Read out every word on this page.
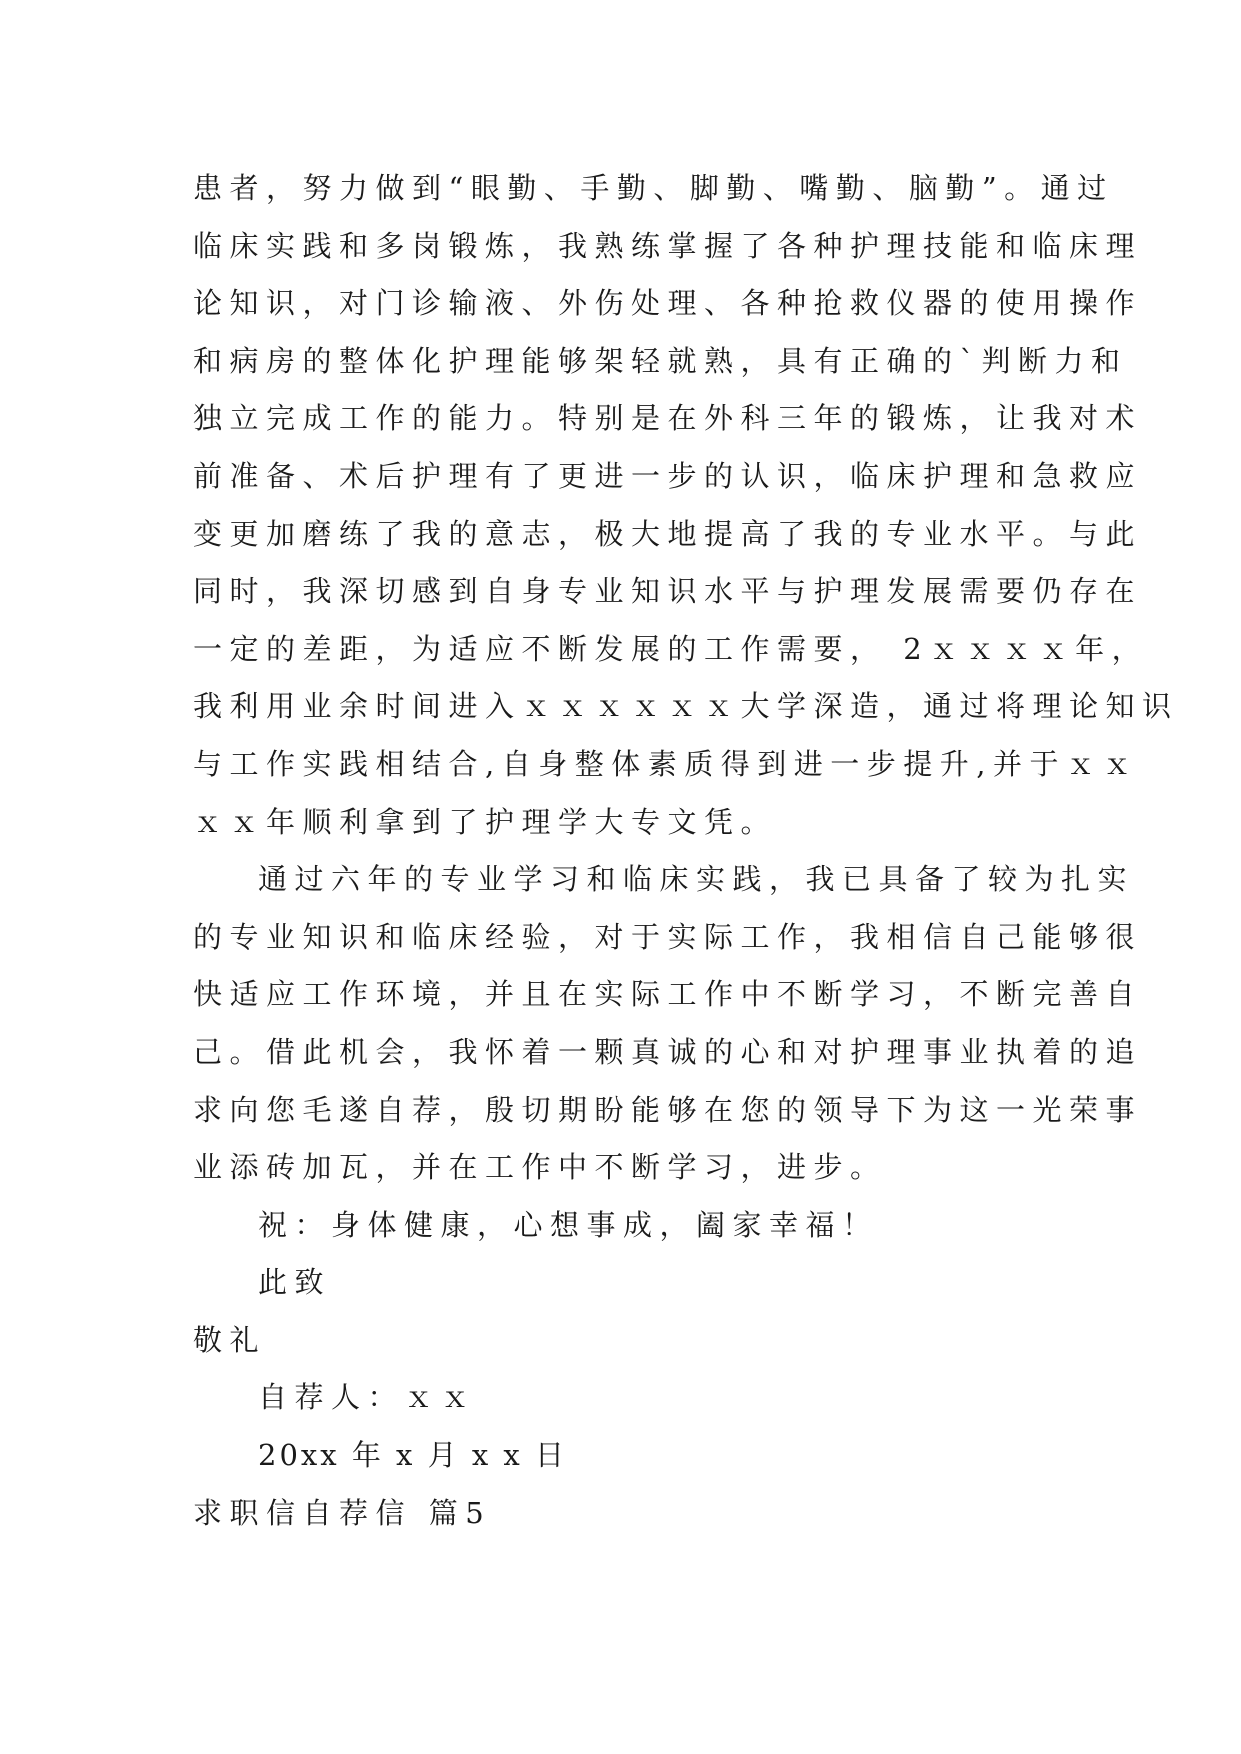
患者，努力做到“眼勤、手勤、脚勤、嘴勤、脑勤”。通过
临床实践和多岗锻炼，我熟练掌握了各种护理技能和临床理
论知识，对门诊输液、外伤处理、各种抢救仪器的使用操作
和病房的整体化护理能够架轻就熟，具有正确的`判断力和
独立完成工作的能力。特别是在外科三年的锻炼，让我对术
前准备、术后护理有了更进一步的认识，临床护理和急救应
变更加磨练了我的意志，极大地提高了我的专业水平。与此
同时，我深切感到自身专业知识水平与护理发展需要仍存在
一定的差距，为适应不断发展的工作需要， 2ｘｘｘｘ年，
我利用业余时间进入ｘｘｘｘｘｘ大学深造，通过将理论知识
与工作实践相结合,自身整体素质得到进一步提升,并于ｘｘ
ｘｘ年顺利拿到了护理学大专文凭。
通过六年的专业学习和临床实践，我已具备了较为扎实
的专业知识和临床经验，对于实际工作，我相信自己能够很
快适应工作环境，并且在实际工作中不断学习，不断完善自
己。借此机会，我怀着一颗真诚的心和对护理事业执着的追
求向您毛遂自荐，殷切期盼能够在您的领导下为这一光荣事
业添砖加瓦，并在工作中不断学习，进步。
祝：身体健康，心想事成，阖家幸福！
此致
敬礼
自荐人：ｘｘ
20xx 年 x 月 x x 日
求职信自荐信 篇5
